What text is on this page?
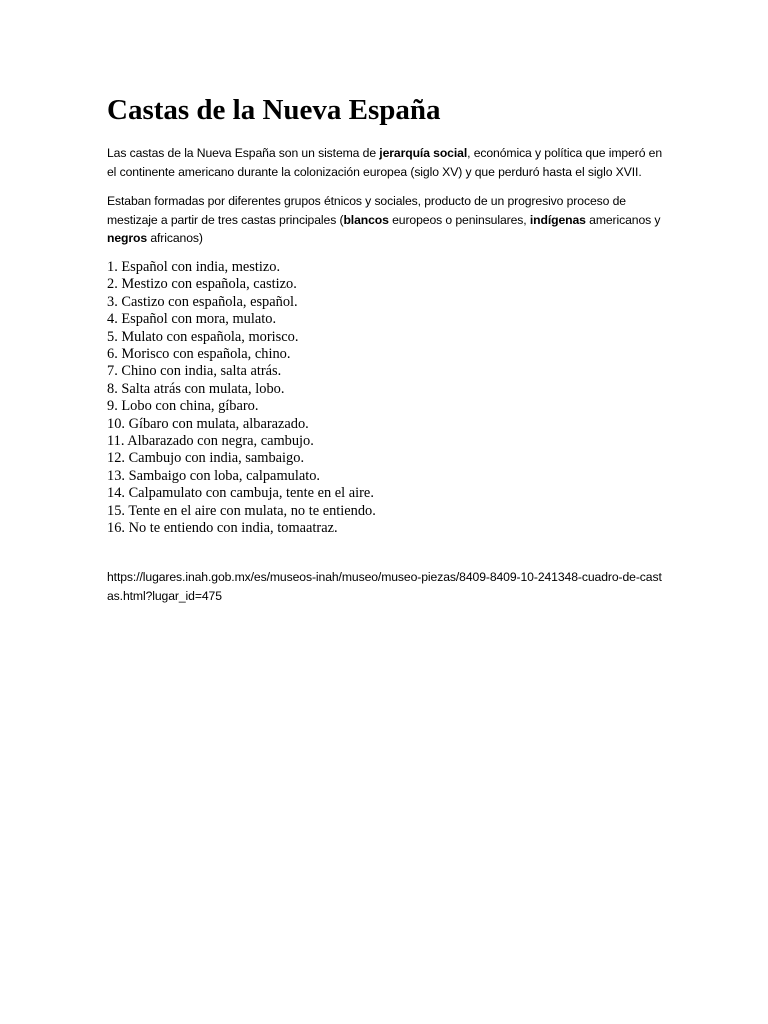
Castas de la Nueva España

Las castas de la Nueva España son un sistema de jerarquía social, económica y política que imperó en el continente americano durante la colonización europea (siglo XV) y que perduró hasta el siglo XVII.

Estaban formadas por diferentes grupos étnicos y sociales, producto de un progresivo proceso de mestizaje a partir de tres castas principales (blancos europeos o peninsulares, indígenas americanos y negros africanos)

1. Español con india, mestizo.
2. Mestizo con española, castizo.
3. Castizo con española, español.
4. Español con mora, mulato.
5. Mulato con española, morisco.
6. Morisco con española, chino.
7. Chino con india, salta atrás.
8. Salta atrás con mulata, lobo.
9. Lobo con china, gíbaro.
10. Gíbaro con mulata, albarazado.
11. Albarazado con negra, cambujo.
12. Cambujo con india, sambaigo.
13. Sambaigo con loba, calpamulato.
14. Calpamulato con cambuja, tente en el aire.
15. Tente en el aire con mulata, no te entiendo.
16. No te entiendo con india, tomaatraz.
https://lugares.inah.gob.mx/es/museos-inah/museo/museo-piezas/8409-8409-10-241348-cuadro-de-castas.html?lugar_id=475
